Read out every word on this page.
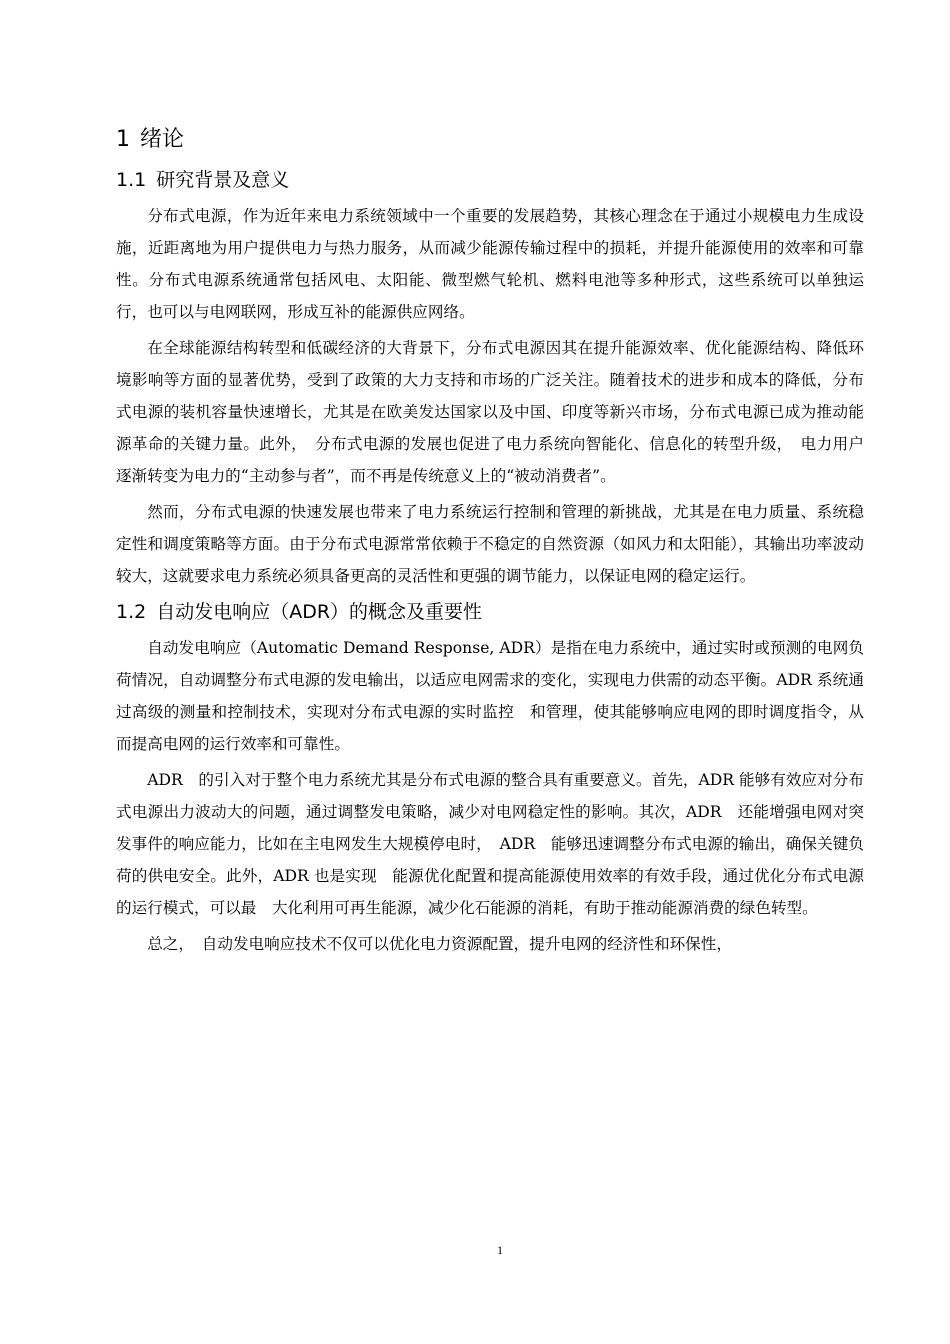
1 绪论
1.1 研究背景及意义

分布式电源，作为近年来电力系统领域中一个重要的发展趋势，其核心理念在于通过小规模电力生成设施，近距离地为用户提供电力与热力服务，从而减少能源传输过程中的损耗，并提升能源使用的效率和可靠性。分布式电源系统通常包括风电、太阳能、微型燃气轮机、燃料电池等多种形式，这些系统可以单独运行，也可以与电网联网，形成互补的能源供应网络。

在全球能源结构转型和低碳经济的大背景下，分布式电源因其在提升能源效率、优化能源结构、降低环境影响等方面的显著优势，受到了政策的大力支持和市场的广泛关注。随着技术的进步和成本的降低，分布式电源的装机容量快速增长，尤其是在欧美发达国家以及中国、印度等新兴市场，分布式电源已成为推动能源革命的关键力量。此外，　分布式电源的发展也促进了电力系统向智能化、信息化的转型升级，　电力用户逐渐转变为电力的“主动参与者”，而不再是传统意义上的“被动消费者”。

然而，分布式电源的快速发展也带来了电力系统运行控制和管理的新挑战，尤其是在电力质量、系统稳定性和调度策略等方面。由于分布式电源常常依赖于不稳定的自然资源（如风力和太阳能），其输出功率波动较大，这就要求电力系统必须具备更高的灵活性和更强的调节能力，以保证电网的稳定运行。

1.2 自动发电响应（ADR）的概念及重要性

自动发电响应（Automatic Demand Response, ADR）是指在电力系统中，通过实时或预测的电网负荷情况，自动调整分布式电源的发电输出，以适应电网需求的变化，实现电力供需的动态平衡。ADR 系统通过高级的测量和控制技术，实现对分布式电源的实时监控　和管理，使其能够响应电网的即时调度指令，从而提高电网的运行效率和可靠性。

ADR　的引入对于整个电力系统尤其是分布式电源的整合具有重要意义。首先，ADR 能够有效应对分布式电源出力波动大的问题，通过调整发电策略，减少对电网稳定性的影响。其次，ADR　还能增强电网对突发事件的响应能力，比如在主电网发生大规模停电时，　ADR　能够迅速调整分布式电源的输出，确保关键负荷的供电安全。此外，ADR 也是实现　能源优化配置和提高能源使用效率的有效手段，通过优化分布式电源的运行模式，可以最　大化利用可再生能源，减少化石能源的消耗，有助于推动能源消费的绿色转型。

总之，　自动发电响应技术不仅可以优化电力资源配置，提升电网的经济性和环保性，

1
